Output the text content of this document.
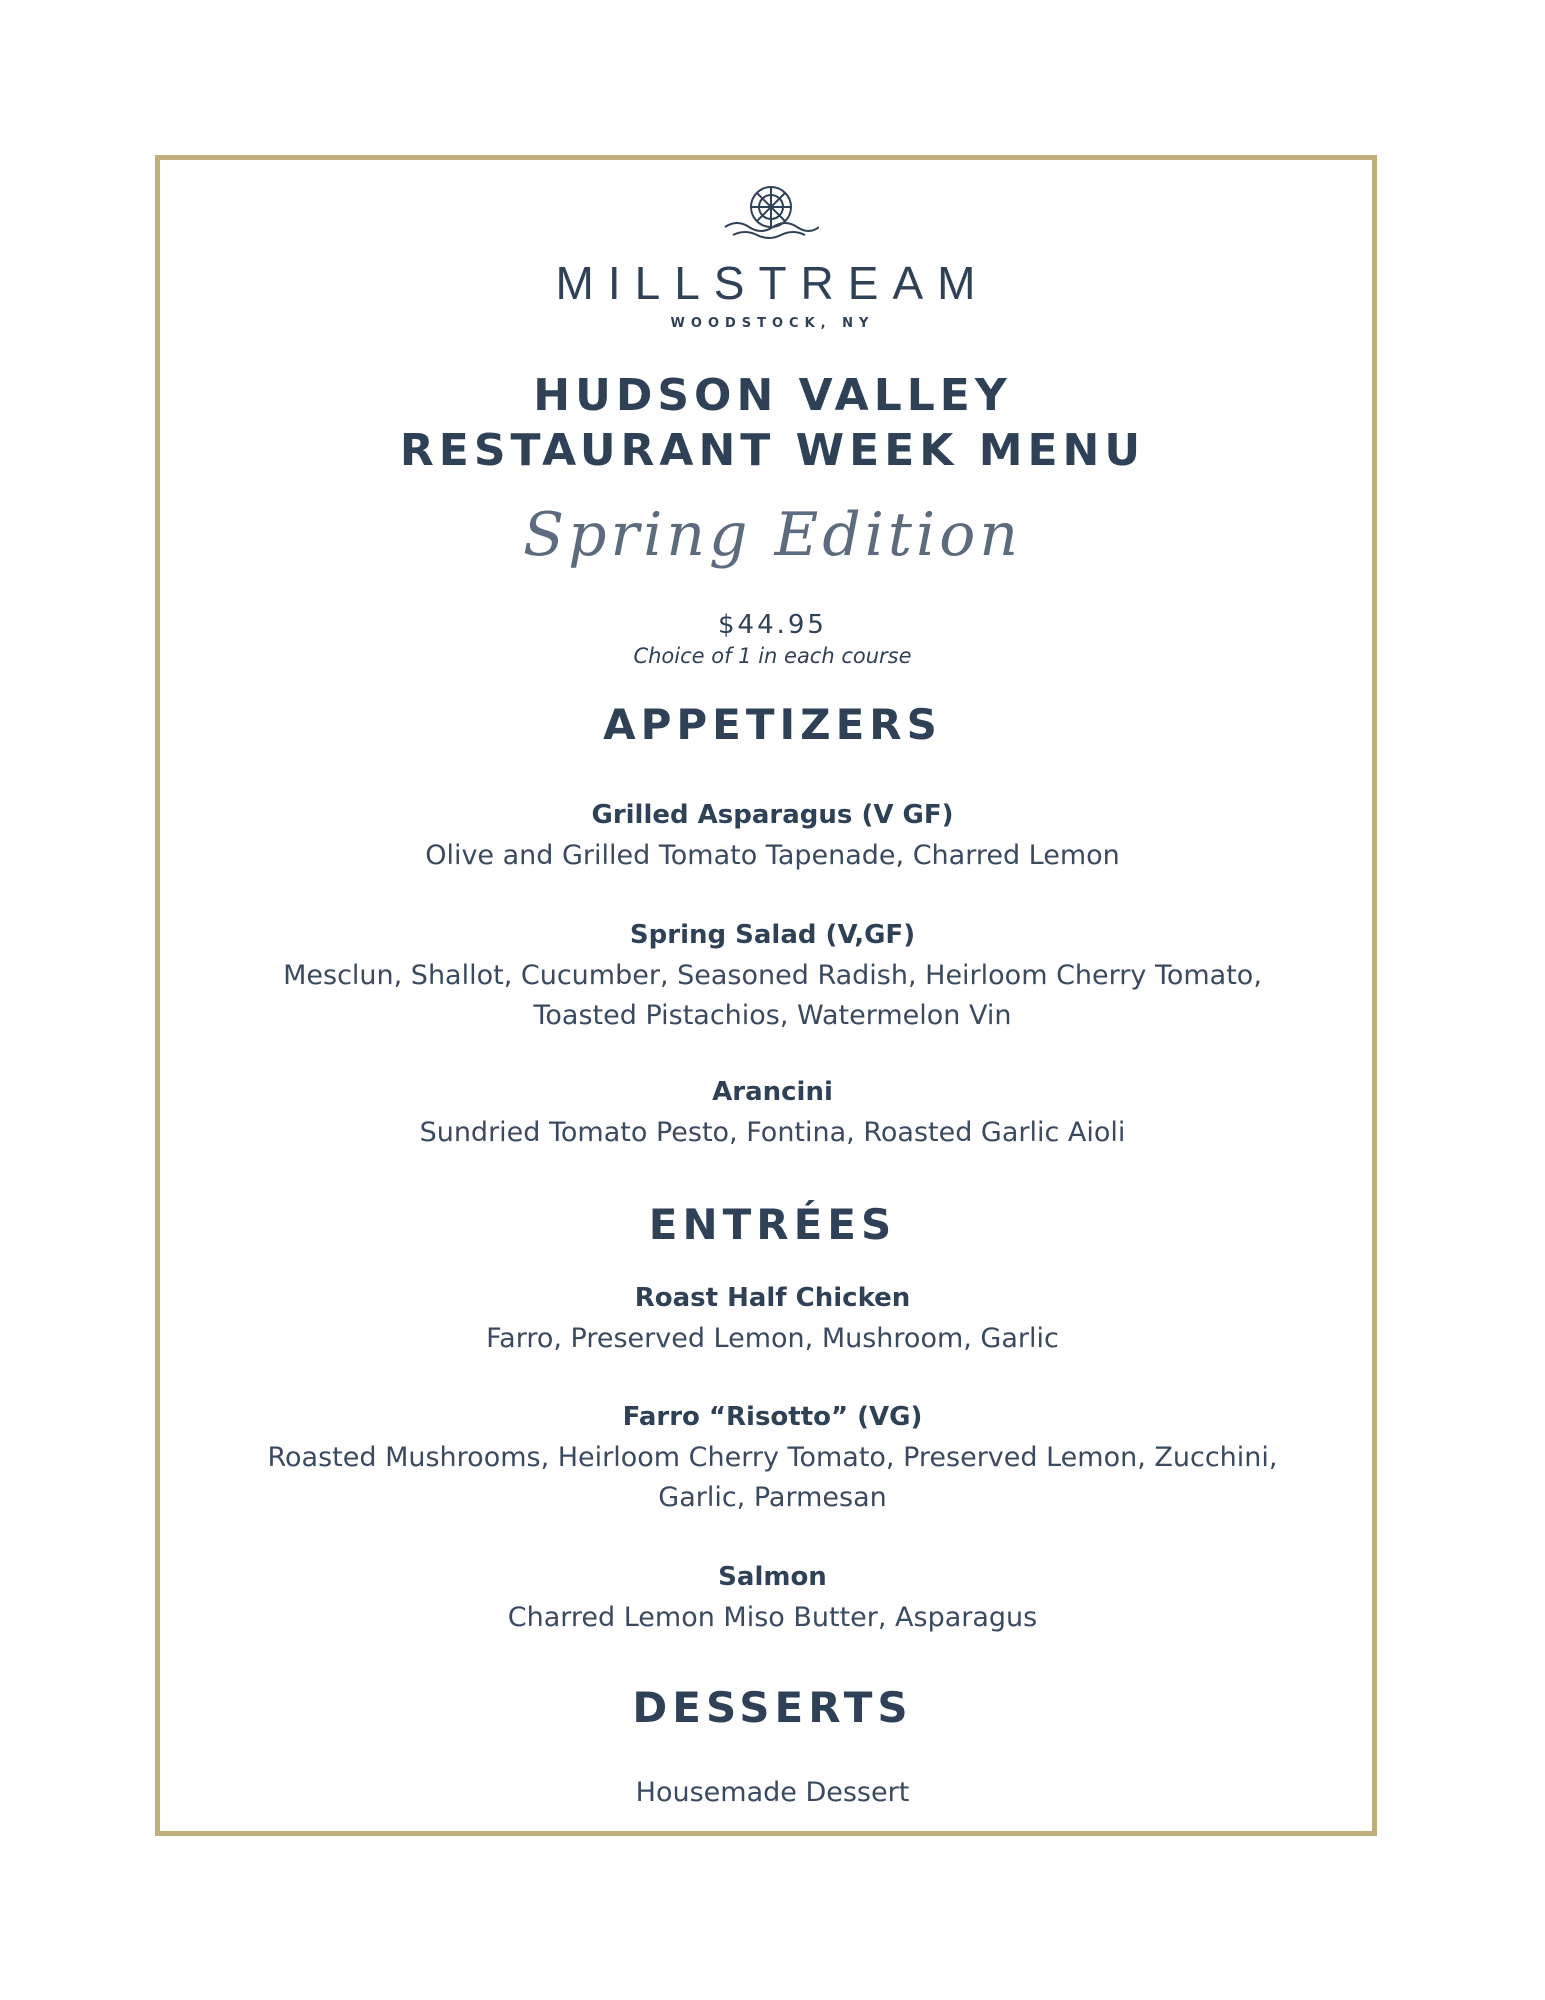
MILLSTREAM
WOODSTOCK, NY
HUDSON VALLEY
RESTAURANT WEEK MENU
Spring Edition
$44.95
Choice of 1 in each course
APPETIZERS
Grilled Asparagus (V GF)
Olive and Grilled Tomato Tapenade, Charred Lemon
Spring Salad (V,GF)
Mesclun, Shallot, Cucumber, Seasoned Radish, Heirloom Cherry Tomato,
Toasted Pistachios, Watermelon Vin
Arancini
Sundried Tomato Pesto, Fontina, Roasted Garlic Aioli
ENTRÉES
Roast Half Chicken
Farro, Preserved Lemon, Mushroom, Garlic
Farro “Risotto” (VG)
Roasted Mushrooms, Heirloom Cherry Tomato, Preserved Lemon, Zucchini,
Garlic, Parmesan
Salmon
Charred Lemon Miso Butter, Asparagus
DESSERTS
Housemade Dessert
